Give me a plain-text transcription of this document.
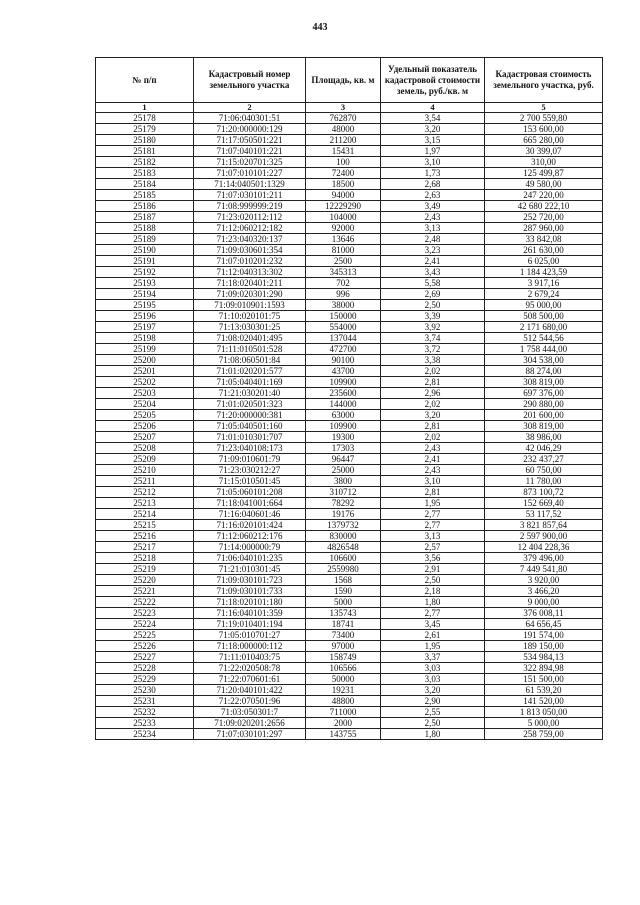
443
№ п/п	Кадастровый номер земельного участка	Площадь, кв. м	Удельный показатель кадастровой стоимости земель, руб./кв. м	Кадастровая стоимость земельного участка, руб.
1	2	3	4	5
25178	71:06:040301:51	762870	3,54	2 700 559,80
25179	71:20:000000:129	48000	3,20	153 600,00
25180	71:17:050501:221	211200	3,15	665 280,00
25181	71:07:040101:221	15431	1,97	30 399,07
25182	71:15:020701:325	100	3,10	310,00
25183	71:07:010101:227	72400	1,73	125 499,87
25184	71:14:040501:1329	18500	2,68	49 580,00
25185	71:07:030101:211	94000	2,63	247 220,00
25186	71:08:999999:219	12229290	3,49	42 680 222,10
25187	71:23:020112:112	104000	2,43	252 720,00
25188	71:12:060212:182	92000	3,13	287 960,00
25189	71:23:040320:137	13646	2,48	33 842,08
25190	71:09:030601:354	81000	3,23	261 630,00
25191	71:07:010201:232	2500	2,41	6 025,00
25192	71:12:040313:302	345313	3,43	1 184 423,59
25193	71:18:020401:211	702	5,58	3 917,16
25194	71:09:020301:290	996	2,69	2 679,24
25195	71:09:010901:1593	38000	2,50	95 000,00
25196	71:10:020101:75	150000	3,39	508 500,00
25197	71:13:030301:25	554000	3,92	2 171 680,00
25198	71:08:020401:495	137044	3,74	512 544,56
25199	71:11:010501:528	472700	3,72	1 758 444,00
25200	71:08:060501:84	90100	3,38	304 538,00
25201	71:01:020201:577	43700	2,02	88 274,00
25202	71:05:040401:169	109900	2,81	308 819,00
25203	71:21:030201:40	235600	2,96	697 376,00
25204	71:01:020501:323	144000	2,02	290 880,00
25205	71:20:000000:381	63000	3,20	201 600,00
25206	71:05:040501:160	109900	2,81	308 819,00
25207	71:01:010301:707	19300	2,02	38 986,00
25208	71:23:040108:173	17303	2,43	42 046,29
25209	71:09:010601:79	96447	2,41	232 437,27
25210	71:23:030212:27	25000	2,43	60 750,00
25211	71:15:010501:45	3800	3,10	11 780,00
25212	71:05:060101:208	310712	2,81	873 100,72
25213	71:18:041001:664	78292	1,95	152 669,40
25214	71:16:040601:46	19176	2,77	53 117,52
25215	71:16:020101:424	1379732	2,77	3 821 857,64
25216	71:12:060212:176	830000	3,13	2 597 900,00
25217	71:14:000000:79	4826548	2,57	12 404 228,36
25218	71:06:040101:235	106600	3,56	379 496,00
25219	71:21:010301:45	2559980	2,91	7 449 541,80
25220	71:09:030101:723	1568	2,50	3 920,00
25221	71:09:030101:733	1590	2,18	3 466,20
25222	71:18:020101:180	5000	1,80	9 000,00
25223	71:16:040101:359	135743	2,77	376 008,11
25224	71:19:010401:194	18741	3,45	64 656,45
25225	71:05:010701:27	73400	2,61	191 574,00
25226	71:18:000000:112	97000	1,95	189 150,00
25227	71:11:010403:75	158749	3,37	534 984,13
25228	71:22:020508:78	106566	3,03	322 894,98
25229	71:22:070601:61	50000	3,03	151 500,00
25230	71:20:040101:422	19231	3,20	61 539,20
25231	71:22:070501:96	48800	2,90	141 520,00
25232	71:03:050301:7	711000	2,55	1 813 050,00
25233	71:09:020201:2656	2000	2,50	5 000,00
25234	71:07:030101:297	143755	1,80	258 759,00
